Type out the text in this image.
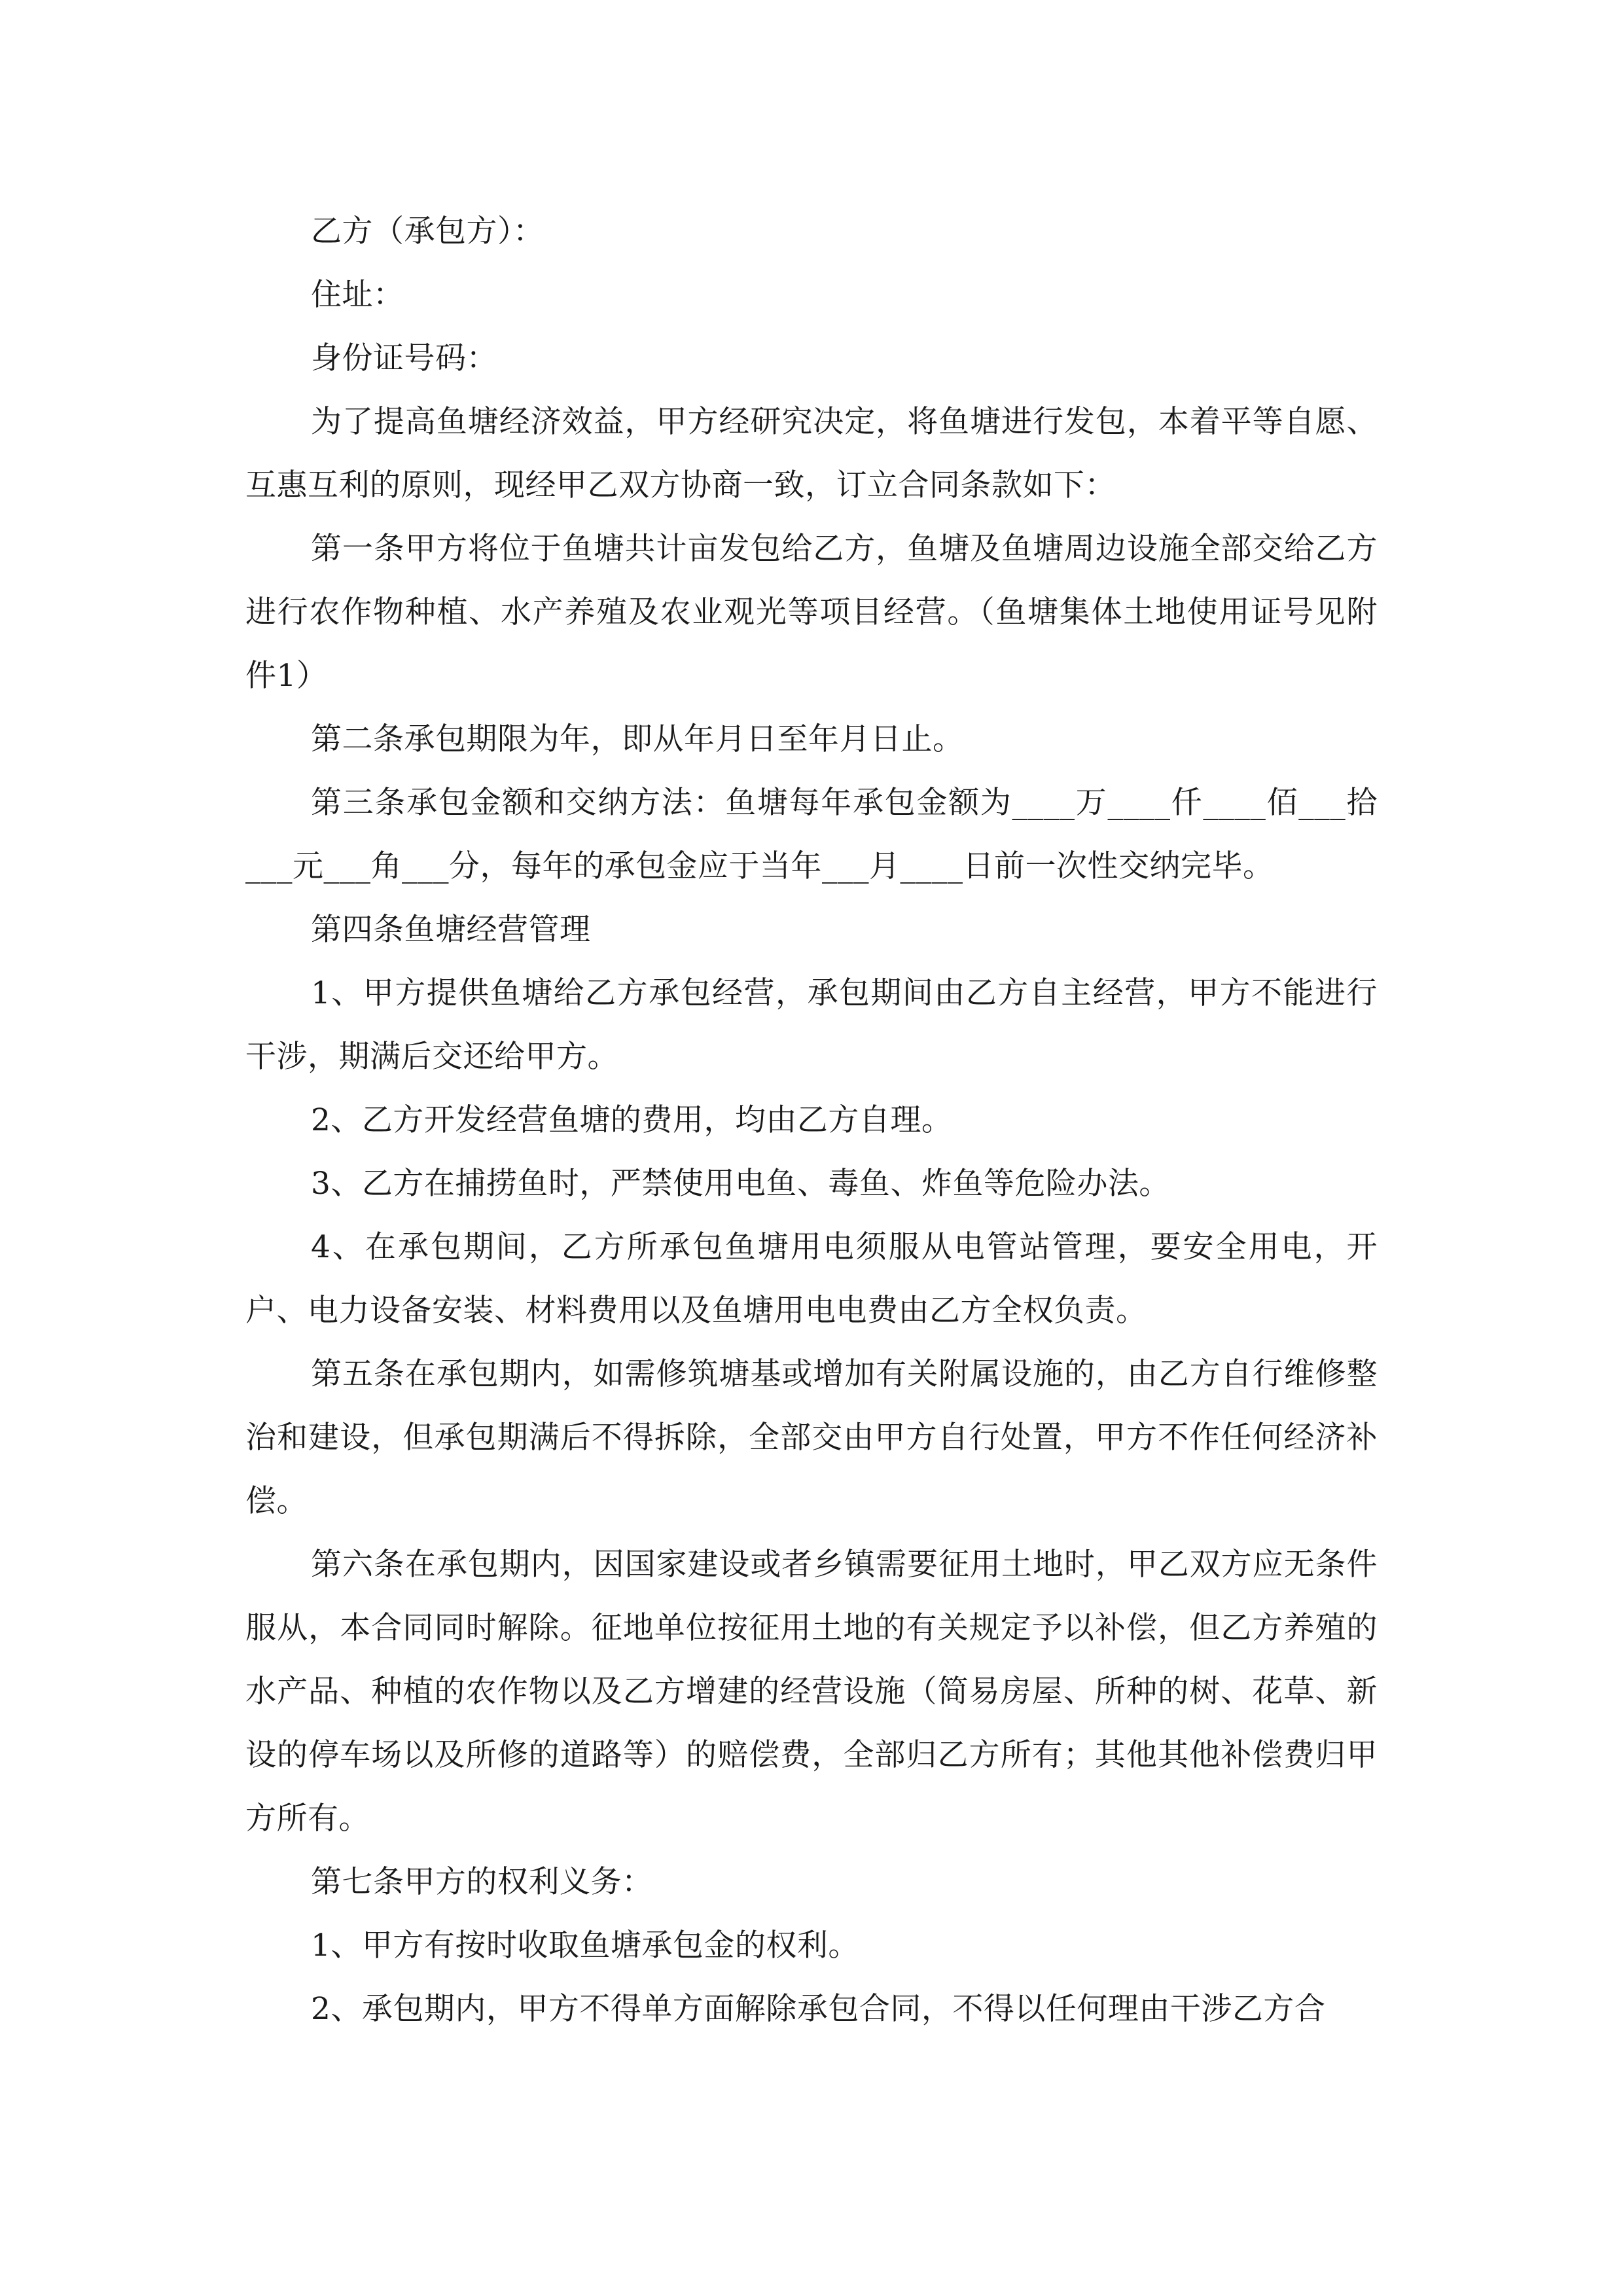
乙方（承包方）：

住址：

身份证号码：

为了提高鱼塘经济效益，甲方经研究决定，将鱼塘进行发包，本着平等自愿、互惠互利的原则，现经甲乙双方协商一致，订立合同条款如下：

第一条甲方将位于鱼塘共计亩发包给乙方，鱼塘及鱼塘周边设施全部交给乙方进行农作物种植、水产养殖及农业观光等项目经营。（鱼塘集体土地使用证号见附件1）

第二条承包期限为年，即从年月日至年月日止。

第三条承包金额和交纳方法：鱼塘每年承包金额为____万____仟____佰___拾___元___角___分，每年的承包金应于当年___月____日前一次性交纳完毕。

第四条鱼塘经营管理

1、甲方提供鱼塘给乙方承包经营，承包期间由乙方自主经营，甲方不能进行干涉，期满后交还给甲方。

2、乙方开发经营鱼塘的费用，均由乙方自理。

3、乙方在捕捞鱼时，严禁使用电鱼、毒鱼、炸鱼等危险办法。

4、在承包期间，乙方所承包鱼塘用电须服从电管站管理，要安全用电，开户、电力设备安装、材料费用以及鱼塘用电电费由乙方全权负责。

第五条在承包期内，如需修筑塘基或增加有关附属设施的，由乙方自行维修整治和建设，但承包期满后不得拆除，全部交由甲方自行处置，甲方不作任何经济补偿。

第六条在承包期内，因国家建设或者乡镇需要征用土地时，甲乙双方应无条件服从，本合同同时解除。征地单位按征用土地的有关规定予以补偿，但乙方养殖的水产品、种植的农作物以及乙方增建的经营设施（简易房屋、所种的树、花草、新设的停车场以及所修的道路等）的赔偿费，全部归乙方所有；其他其他补偿费归甲方所有。

第七条甲方的权利义务：

1、甲方有按时收取鱼塘承包金的权利。

2、承包期内，甲方不得单方面解除承包合同，不得以任何理由干涉乙方合
